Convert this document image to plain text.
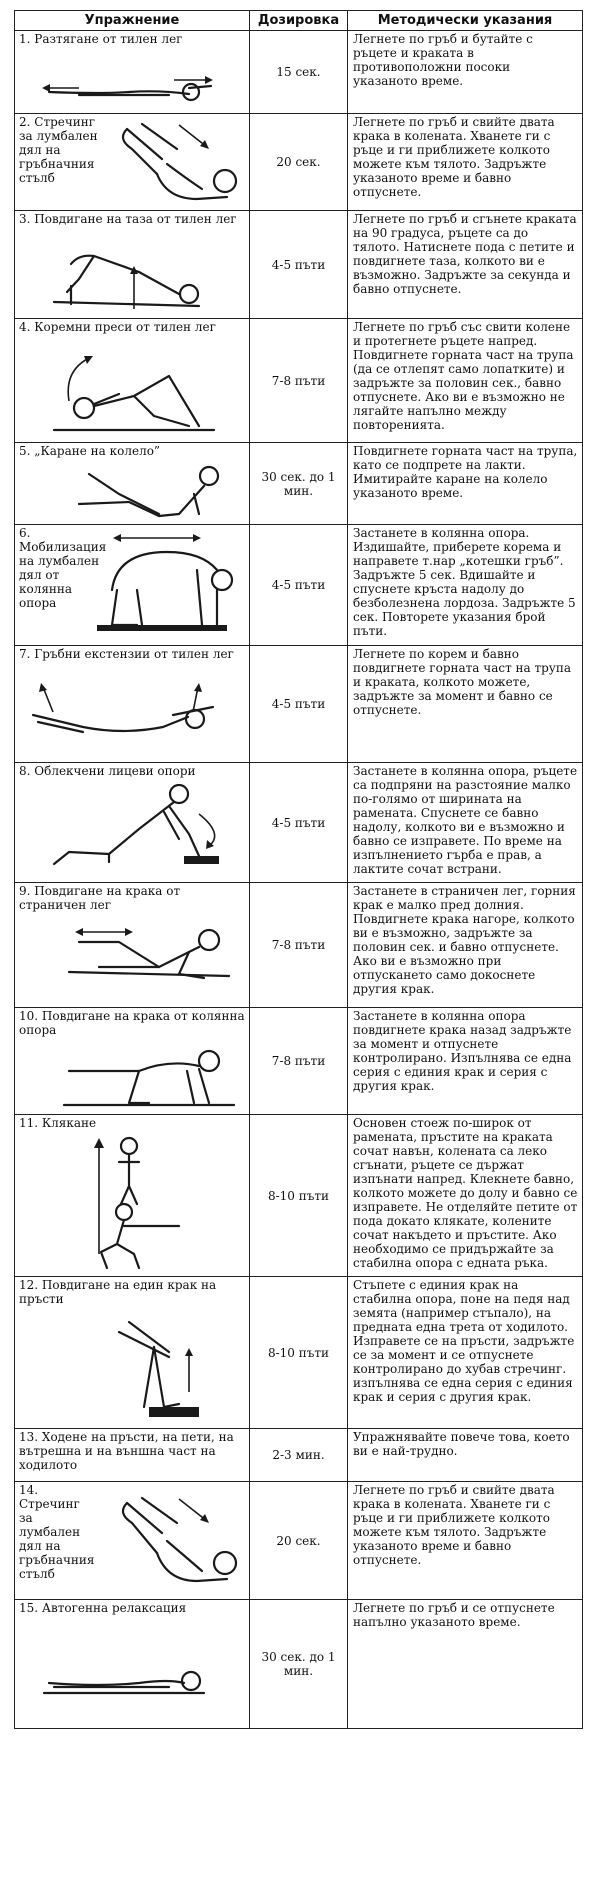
Упражнение	Дозировка	Методически указания

1. Разтягане от тилен лег	15 сек.	Легнете по гръб и бутайте с ръцете и краката в противоположни посоки указаното време.

2. Стречинг за лумбален дял на гръбначния стълб	20 сек.	Легнете по гръб и свийте двата крака в колената. Хванете ги с ръце и ги приближете колкото можете към тялото. Задръжте указаното време и бавно отпуснете.

3. Повдигане на таза от тилен лег	4-5 пъти	Легнете по гръб и сгънете краката на 90 градуса, ръцете са до тялото. Натиснете пода с петите и повдигнете таза, колкото ви е възможно. Задръжте за секунда и бавно отпуснете.

4. Коремни преси от тилен лег	7-8 пъти	Легнете по гръб със свити колене и протегнете ръцете напред. Повдигнете горната част на трупа (да се отлепят само лопатките) и задръжте за половин сек., бавно отпуснете. Ако ви е възможно не лягайте напълно между повторенията.

5. „Карaне на колело”	30 сек. до 1 мин.	Повдигнете горната част на трупа, като се подпрете на лакти. Имитирайте каране на колело указаното време.

6. Мобилизация на лумбален дял от колянна опора	4-5 пъти	Застанете в колянна опора. Издишайте, приберете корема и направете т.нар „котешки гръб”. Задръжте 5 сек. Вдишайте и спуснете кръста надолу до безболезнена лордоза. Задръжте 5 сек. Повторете указания брой пъти.

7. Гръбни екстензии от тилен лег	4-5 пъти	Легнете по корем и бавно повдигнете горната част на трупа и краката, колкото можете, задръжте за момент и бавно се отпуснете.

8. Облекчени лицеви опори	4-5 пъти	Застанете в колянна опора, ръцете са подпряни на разстояние малко по-голямо от ширината на рамената. Спуснете се бавно надолу, колкото ви е възможно и бавно се изправете. По време на изпълнението гърба е прав, а лактите сочат встрани.

9. Повдигане на крака от страничен лег	7-8 пъти	Застанете в страничен лег, горния крак е малко пред долния. Повдигнете крака нагоре, колкото ви е възможно, задръжте за половин сек. и бавно отпуснете. Ако ви е възможно при отпускането само докоснете другия крак.

10. Повдигане на крака от колянна опора	7-8 пъти	Застанете в колянна опора повдигнете крака назад задръжте за момент и отпуснете контролирано. Изпълнява се една серия с единия крак и серия с другия крак.

11. Клякане	8-10 пъти	Основен стоеж по-широк от рамената, пръстите на краката сочат навън, колената са леко сгънати, ръцете се държат изпънати напред. Клекнете бавно, колкото можете до долу и бавно се изправете. Не отделяйте петите от пода докато клякате, колените сочат накъдето и пръстите. Ако необходимо се придържайте за стабилна опора с едната ръка.

12. Повдигане на един крак на пръсти	8-10 пъти	Стъпете с единия крак на стабилна опора, поне на педя над земята (например стъпало), на предната една трета от ходилото. Изправете се на пръсти, задръжте се за момент и се отпуснете контролирано до хубав стречинг. изпълнява се една серия с единия крак и серия с другия крак.

13. Ходене на пръсти, на пети, на вътрешна и на външна част на ходилото	2-3 мин.	Упражнявайте повече това, което ви е най-трудно.

14. Стречинг за лумбален дял на гръбначния стълб	20 сек.	Легнете по гръб и свийте двата крака в колената. Хванете ги с ръце и ги приближете колкото можете към тялото. Задръжте указаното време и бавно отпуснете.

15. Автогенна релаксация	30 сек. до 1 мин.	Легнете по гръб и се отпуснете напълно указаното време.
